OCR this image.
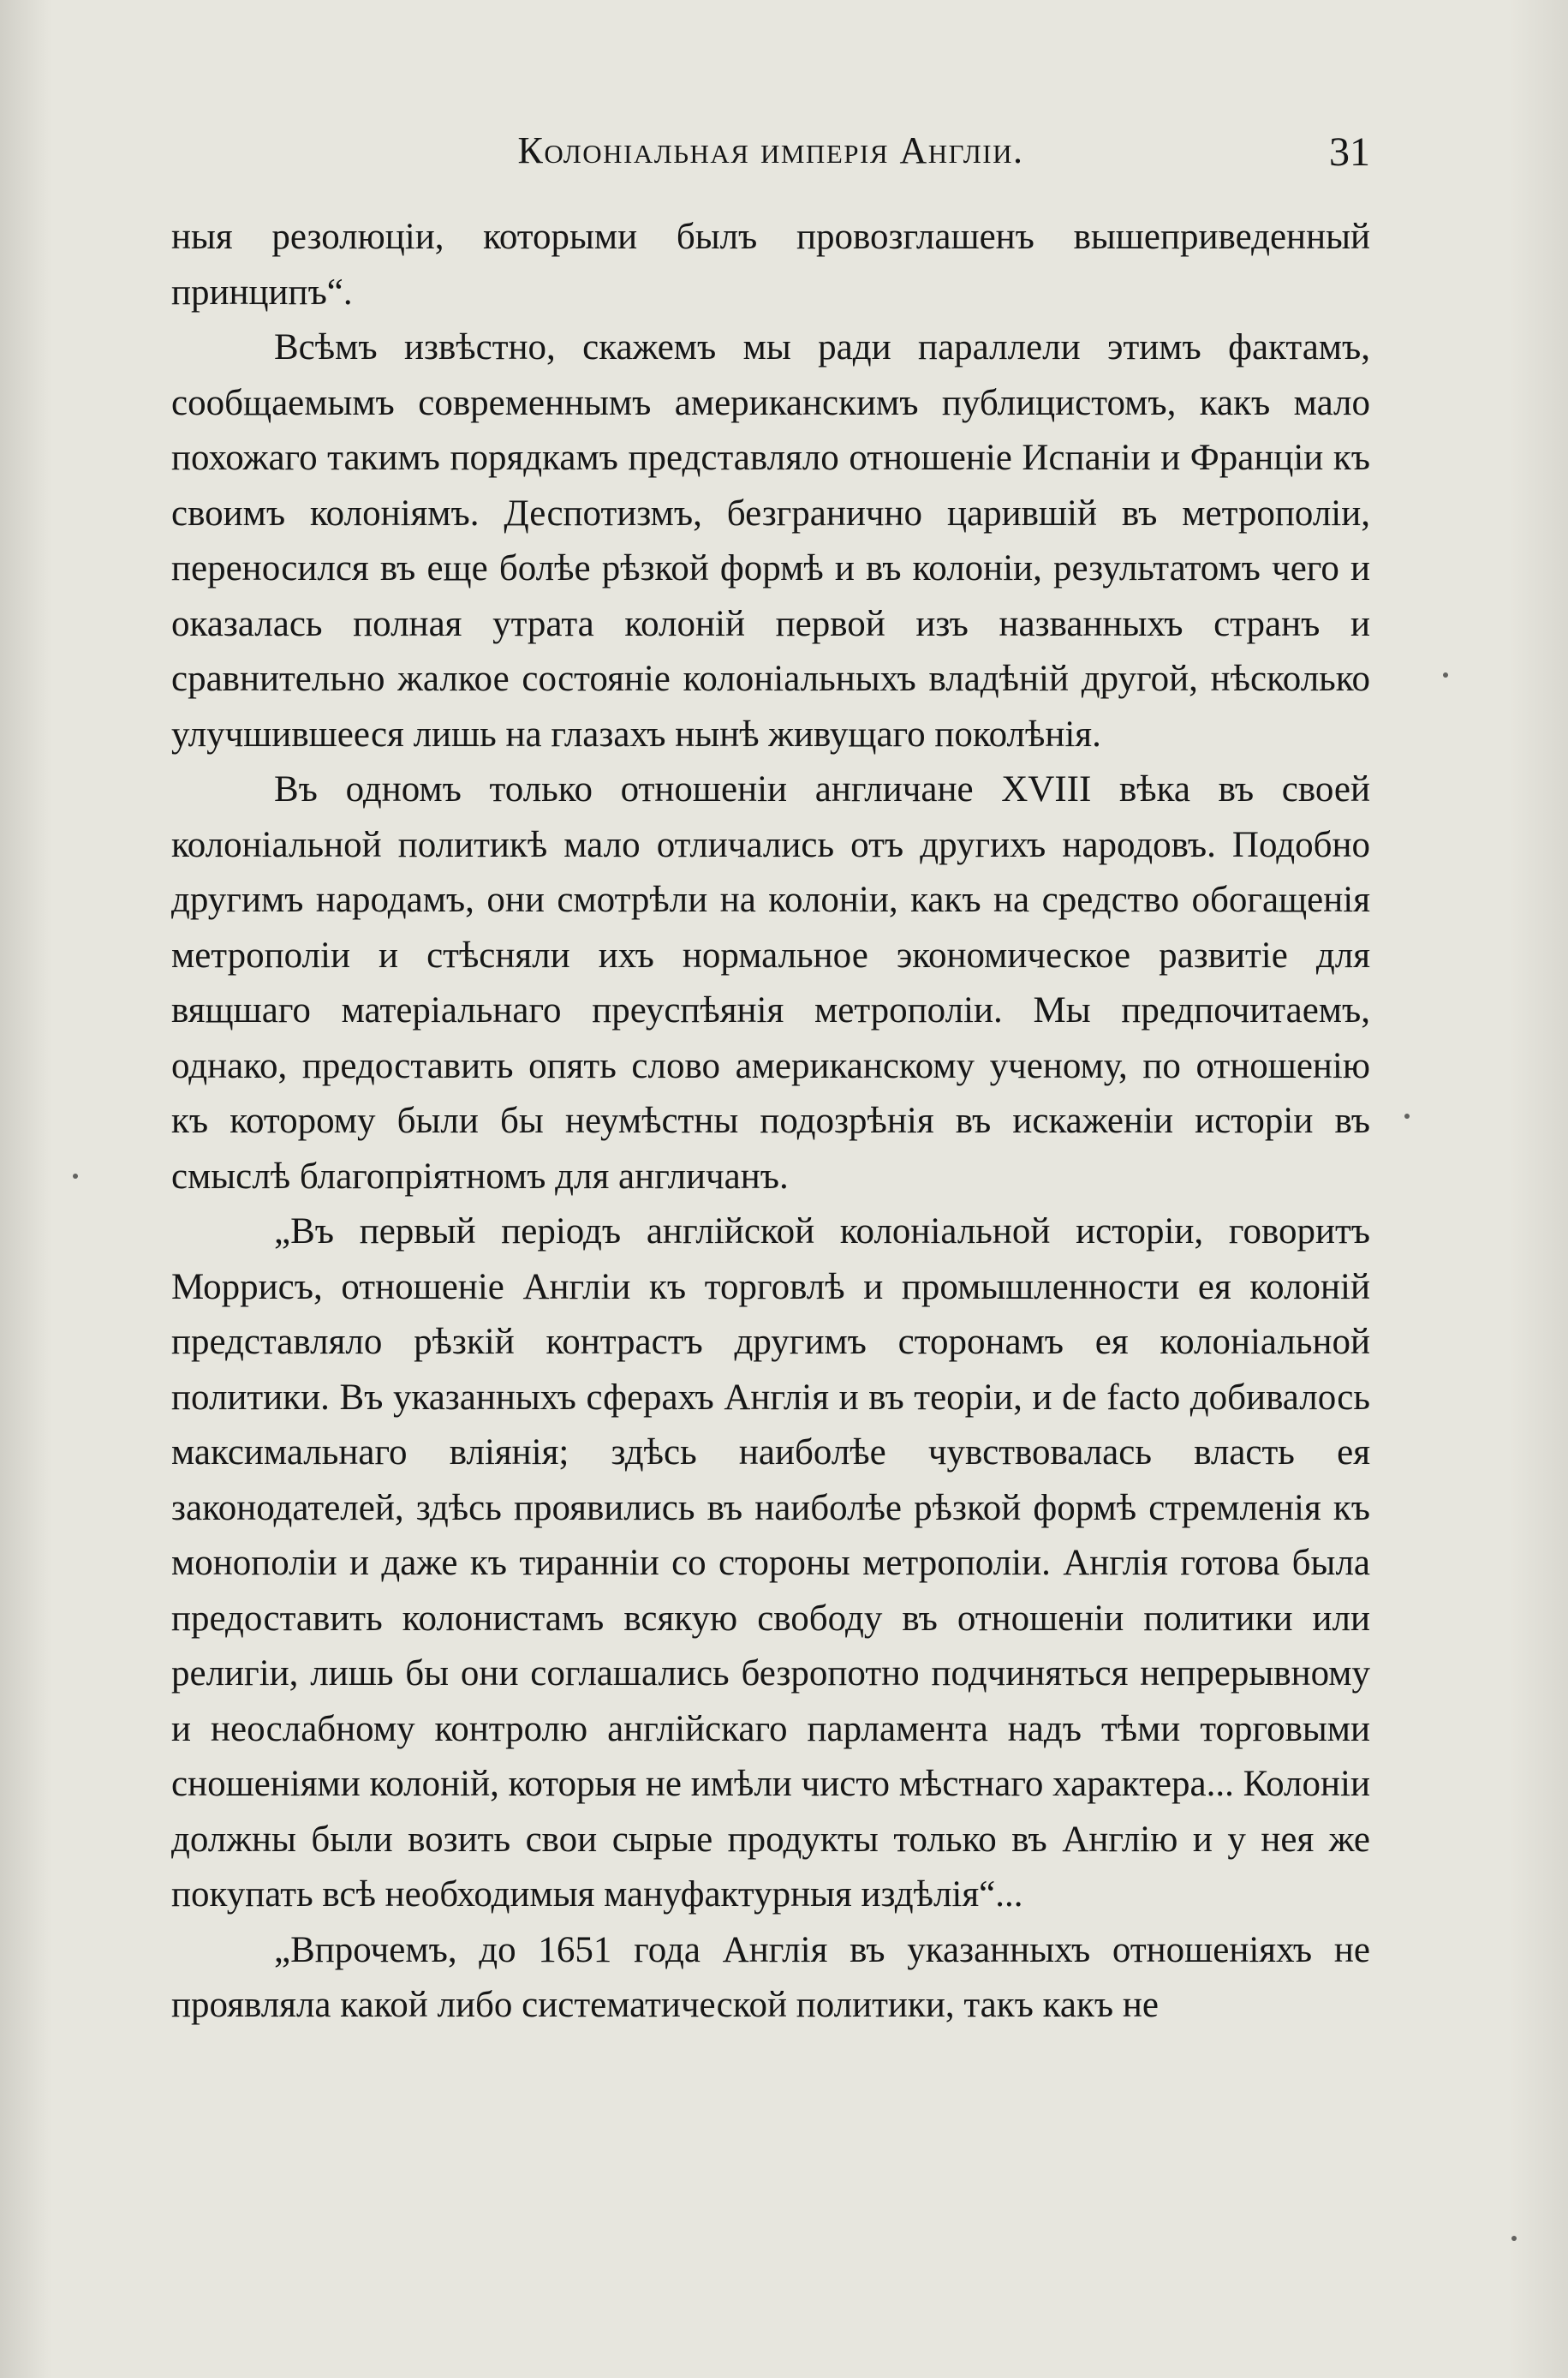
Колоніальная имперія Англіи.	31

ныя резолюціи, которыми былъ провозглашенъ вышеприведенный принципъ“.

Всѣмъ извѣстно, скажемъ мы ради параллели этимъ фактамъ, сообщаемымъ современнымъ американскимъ публицистомъ, какъ мало похожаго такимъ порядкамъ представляло отношеніе Испаніи и Франціи къ своимъ колоніямъ. Деспотизмъ, безгранично царившій въ метрополіи, переносился въ еще болѣе рѣзкой формѣ и въ колоніи, результатомъ чего и оказалась полная утрата колоній первой изъ названныхъ странъ и сравнительно жалкое состояніе колоніальныхъ владѣній другой, нѣсколько улучшившееся лишь на глазахъ нынѣ живущаго поколѣнія.

Въ одномъ только отношеніи англичане XVIII вѣка въ своей колоніальной политикѣ мало отличались отъ другихъ народовъ. Подобно другимъ народамъ, они смотрѣли на колоніи, какъ на средство обогащенія метрополіи и стѣсняли ихъ нормальное экономическое развитіе для вящшаго матеріальнаго преуспѣянія метрополіи. Мы предпочитаемъ, однако, предоставить опять слово американскому ученому, по отношенію къ которому были бы неумѣстны подозрѣнія въ искаженіи исторіи въ смыслѣ благопріятномъ для англичанъ.

„Въ первый періодъ англійской колоніальной исторіи, говоритъ Моррисъ, отношеніе Англіи къ торговлѣ и промышленности ея колоній представляло рѣзкій контрастъ другимъ сторонамъ ея колоніальной политики. Въ указанныхъ сферахъ Англія и въ теоріи, и de facto добивалось максимальнаго вліянія; здѣсь наиболѣе чувствовалась власть ея законодателей, здѣсь проявились въ наиболѣе рѣзкой формѣ стремленія къ монополіи и даже къ тиранніи со стороны метрополіи. Англія готова была предоставить колонистамъ всякую свободу въ отношеніи политики или религіи, лишь бы они соглашались безропотно подчиняться непрерывному и неослабному контролю англійскаго парламента надъ тѣми торговыми сношеніями колоній, которыя не имѣли чисто мѣстнаго характера... Колоніи должны были возить свои сырые продукты только въ Англію и у нея же покупать всѣ необходимыя мануфактурныя издѣлія“...

„Впрочемъ, до 1651 года Англія въ указанныхъ отношеніяхъ не проявляла какой либо систематической политики, такъ какъ не
